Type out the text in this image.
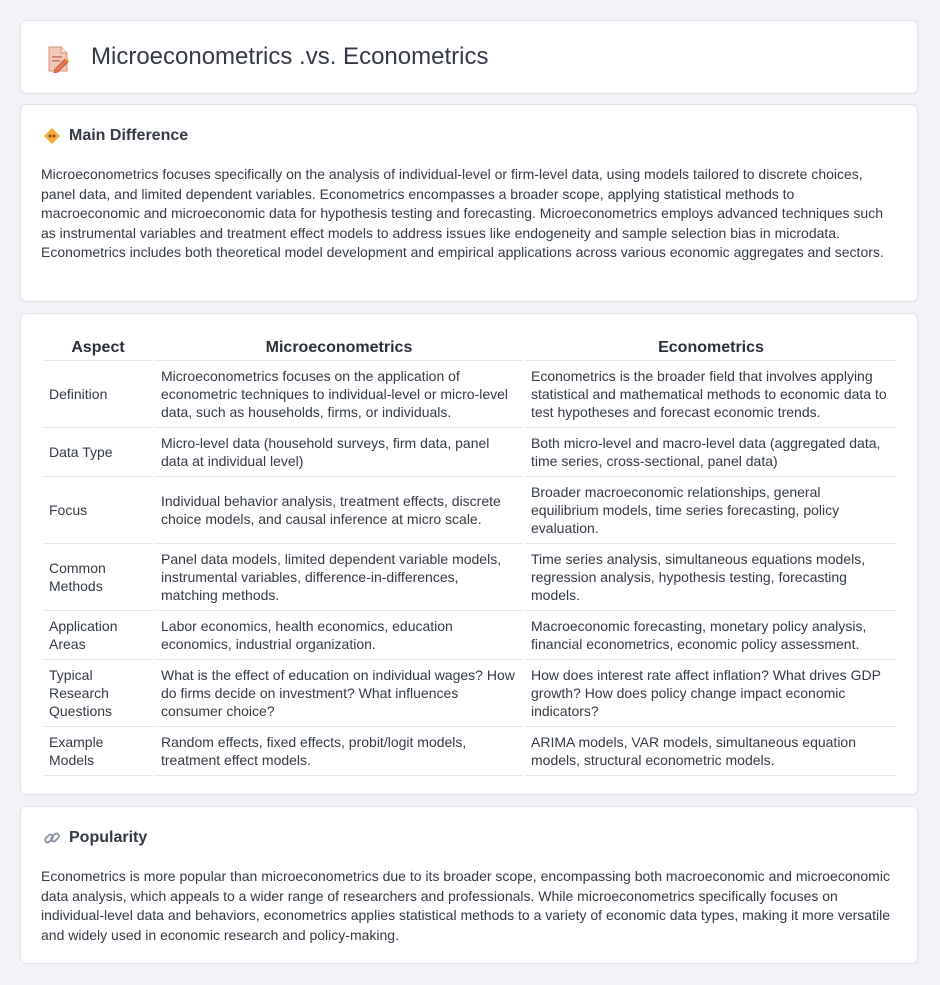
Microeconometrics .vs. Econometrics
Main Difference

Microeconometrics focuses specifically on the analysis of individual-level or firm-level data, using models tailored to discrete choices, panel data, and limited dependent variables. Econometrics encompasses a broader scope, applying statistical methods to macroeconomic and microeconomic data for hypothesis testing and forecasting. Microeconometrics employs advanced techniques such as instrumental variables and treatment effect models to address issues like endogeneity and sample selection bias in microdata. Econometrics includes both theoretical model development and empirical applications across various economic aggregates and sectors.

Aspect	Microeconometrics	Econometrics
Definition	Microeconometrics focuses on the application of econometric techniques to individual-level or micro-level data, such as households, firms, or individuals.	Econometrics is the broader field that involves applying statistical and mathematical methods to economic data to test hypotheses and forecast economic trends.
Data Type	Micro-level data (household surveys, firm data, panel data at individual level)	Both micro-level and macro-level data (aggregated data, time series, cross-sectional, panel data)
Focus	Individual behavior analysis, treatment effects, discrete choice models, and causal inference at micro scale.	Broader macroeconomic relationships, general equilibrium models, time series forecasting, policy evaluation.
Common Methods	Panel data models, limited dependent variable models, instrumental variables, difference-in-differences, matching methods.	Time series analysis, simultaneous equations models, regression analysis, hypothesis testing, forecasting models.
Application Areas	Labor economics, health economics, education economics, industrial organization.	Macroeconomic forecasting, monetary policy analysis, financial econometrics, economic policy assessment.
Typical Research Questions	What is the effect of education on individual wages? How do firms decide on investment? What influences consumer choice?	How does interest rate affect inflation? What drives GDP growth? How does policy change impact economic indicators?
Example Models	Random effects, fixed effects, probit/logit models, treatment effect models.	ARIMA models, VAR models, simultaneous equation models, structural econometric models.
Popularity

Econometrics is more popular than microeconometrics due to its broader scope, encompassing both macroeconomic and microeconomic data analysis, which appeals to a wider range of researchers and professionals. While microeconometrics specifically focuses on individual-level data and behaviors, econometrics applies statistical methods to a variety of economic data types, making it more versatile and widely used in economic research and policy-making.
